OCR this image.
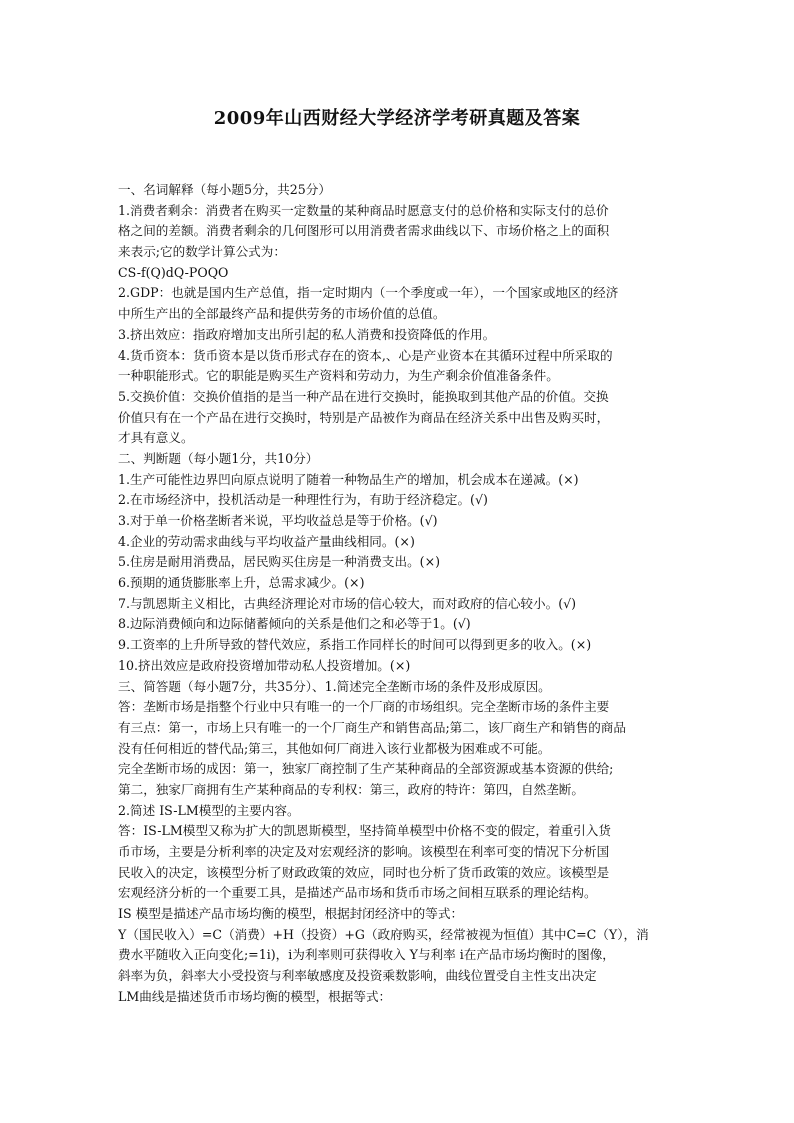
2009年山西财经大学经济学考研真题及答案
一、名词解释（每小题5分，共25分）
1.消费者剩余：消费者在购买一定数量的某种商品时愿意支付的总价格和实际支付的总价
格之间的差额。消费者剩余的几何图形可以用消费者需求曲线以下、市场价格之上的面积
来表示;它的数学计算公式为：
CS-f(Q)dQ-POQO
2.GDP：也就是国内生产总值，指一定时期内（一个季度或一年），一个国家或地区的经济
中所生产出的全部最终产品和提供劳务的市场价值的总值。
3.挤出效应：指政府增加支出所引起的私人消费和投资降低的作用。
4.货币资本：货币资本是以货币形式存在的资本,、心是产业资本在其循环过程中所采取的
一种职能形式。它的职能是购买生产资料和劳动力，为生产剩余价值准备条件。
5.交换价值：交换价值指的是当一种产品在进行交换时，能换取到其他产品的价值。交换
价值只有在一个产品在进行交换时，特别是产品被作为商品在经济关系中出售及购买时，
才具有意义。
二、判断题（每小题1分，共10分）
1.生产可能性边界凹向原点说明了随着一种物品生产的增加，机会成本在递减。(×)
2.在市场经济中，投机活动是一种理性行为，有助于经济稳定。(√)
3.对于单一价格垄断者米说，平均收益总是等于价格。(√)
4.企业的劳动需求曲线与平均收益产量曲线相同。(×)
5.住房是耐用消费品，居民购买住房是一种消费支出。(×)
6.预期的通货膨胀率上升，总需求减少。(×)
7.与凯恩斯主义相比，古典经济理论对市场的信心较大，而对政府的信心较小。(√)
8.边际消费倾向和边际储蓄倾向的关系是他们之和必等于1。(√)
9.工资率的上升所导致的替代效应，系指工作同样长的时间可以得到更多的收入。(×)
10.挤出效应是政府投资增加带动私人投资增加。(×)
三、简答题（每小题7分，共35分）、1.简述完全垄断市场的条件及形成原因。
答：垄断市场是指整个行业中只有唯一的一个厂商的市场组织。完全垄断市场的条件主要
有三点：第一，市场上只有唯一的一个厂商生产和销售高品;第二，该厂商生产和销售的商品
没有任何相近的替代品;第三，其他如何厂商进入该行业都极为困难或不可能。
完全垄断市场的成因：第一，独家厂商控制了生产某种商品的全部资源或基本资源的供给;
第二，独家厂商拥有生产某种商品的专利权：第三，政府的特许：第四，自然垄断。
2.简述 IS-LM模型的主要内容。
答：IS-LM模型又称为扩大的凯恩斯模型，坚持简单模型中价格不变的假定，着重引入货
币市场，主要是分析利率的决定及对宏观经济的影响。该模型在利率可变的情况下分析国
民收入的决定，该模型分析了财政政策的效应，同时也分析了货币政策的效应。该模型是
宏观经济分析的一个重要工具，是描述产品市场和货币市场之间相互联系的理论结构。
IS 模型是描述产品市场均衡的模型，根据封闭经济中的等式：
Y（国民收入）=C（消费）+H（投资）+G（政府购买，经常被视为恒值）其中C=C（Y），消
费水平随收入正向变化;=1i)，i为利率则可获得收入 Y与利率 i在产品市场均衡时的图像，
斜率为负，斜率大小受投资与利率敏感度及投资乘数影响，曲线位置受自主性支出决定
LM曲线是描述货币市场均衡的模型，根据等式：
